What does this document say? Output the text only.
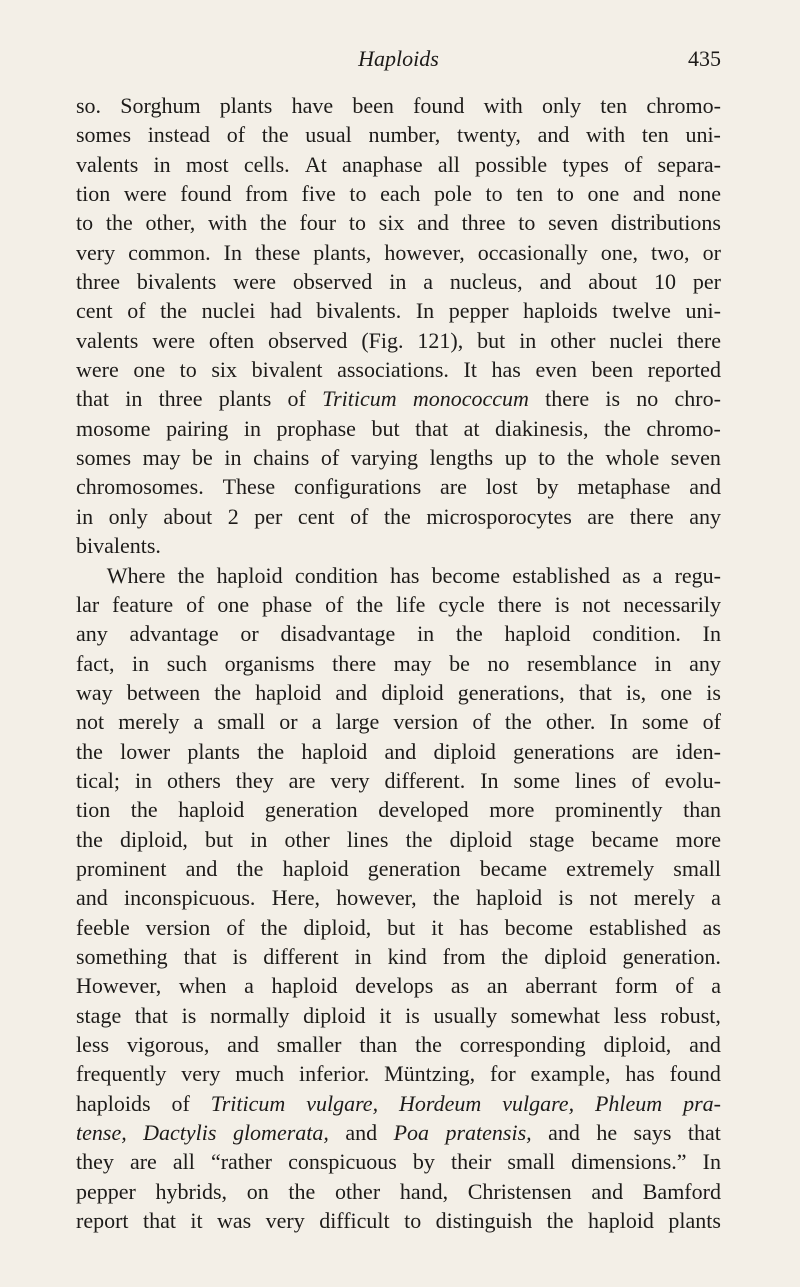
Haploids	435
so. Sorghum plants have been found with only ten chromo-
somes instead of the usual number, twenty, and with ten uni-
valents in most cells. At anaphase all possible types of separa-
tion were found from five to each pole to ten to one and none
to the other, with the four to six and three to seven distributions
very common. In these plants, however, occasionally one, two, or
three bivalents were observed in a nucleus, and about 10 per
cent of the nuclei had bivalents. In pepper haploids twelve uni-
valents were often observed (Fig. 121), but in other nuclei there
were one to six bivalent associations. It has even been reported
that in three plants of Triticum monococcum there is no chro-
mosome pairing in prophase but that at diakinesis, the chromo-
somes may be in chains of varying lengths up to the whole seven
chromosomes. These configurations are lost by metaphase and
in only about 2 per cent of the microsporocytes are there any
bivalents.
Where the haploid condition has become established as a regu-
lar feature of one phase of the life cycle there is not necessarily
any advantage or disadvantage in the haploid condition. In
fact, in such organisms there may be no resemblance in any
way between the haploid and diploid generations, that is, one is
not merely a small or a large version of the other. In some of
the lower plants the haploid and diploid generations are iden-
tical; in others they are very different. In some lines of evolu-
tion the haploid generation developed more prominently than
the diploid, but in other lines the diploid stage became more
prominent and the haploid generation became extremely small
and inconspicuous. Here, however, the haploid is not merely a
feeble version of the diploid, but it has become established as
something that is different in kind from the diploid generation.
However, when a haploid develops as an aberrant form of a
stage that is normally diploid it is usually somewhat less robust,
less vigorous, and smaller than the corresponding diploid, and
frequently very much inferior. Müntzing, for example, has found
haploids of Triticum vulgare, Hordeum vulgare, Phleum pra-
tense, Dactylis glomerata, and Poa pratensis, and he says that
they are all “rather conspicuous by their small dimensions.” In
pepper hybrids, on the other hand, Christensen and Bamford
report that it was very difficult to distinguish the haploid plants
